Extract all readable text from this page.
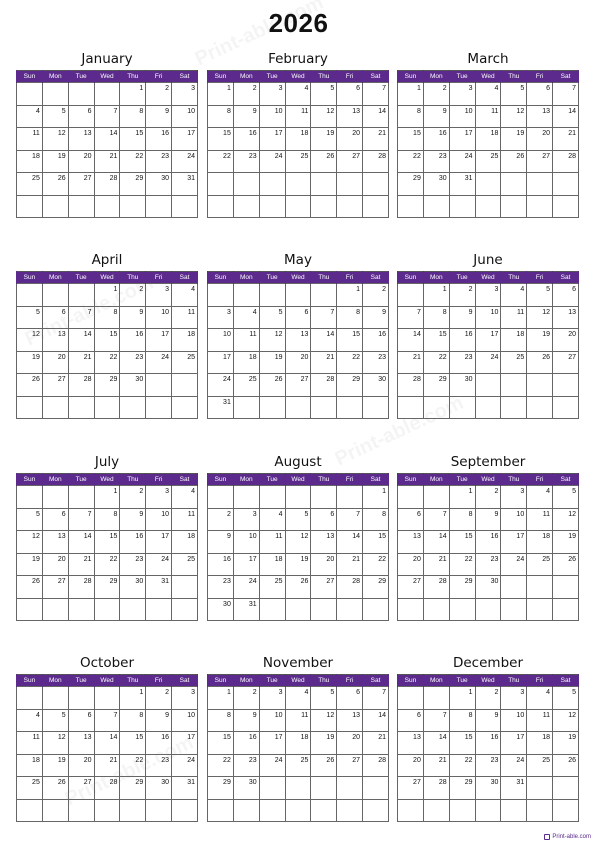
2026
January
Sun	Mon	Tue	Wed	Thu	Fri	Sat
				1	2	3
4	5	6	7	8	9	10
11	12	13	14	15	16	17
18	19	20	21	22	23	24
25	26	27	28	29	30	31

February
Sun	Mon	Tue	Wed	Thu	Fri	Sat
1	2	3	4	5	6	7
8	9	10	11	12	13	14
15	16	17	18	19	20	21
22	23	24	25	26	27	28

March
Sun	Mon	Tue	Wed	Thu	Fri	Sat
1	2	3	4	5	6	7
8	9	10	11	12	13	14
15	16	17	18	19	20	21
22	23	24	25	26	27	28
29	30	31				

April
Sun	Mon	Tue	Wed	Thu	Fri	Sat
			1	2	3	4
5	6	7	8	9	10	11
12	13	14	15	16	17	18
19	20	21	22	23	24	25
26	27	28	29	30		

May
Sun	Mon	Tue	Wed	Thu	Fri	Sat
					1	2
3	4	5	6	7	8	9
10	11	12	13	14	15	16
17	18	19	20	21	22	23
24	25	26	27	28	29	30
31						
June
Sun	Mon	Tue	Wed	Thu	Fri	Sat
	1	2	3	4	5	6
7	8	9	10	11	12	13
14	15	16	17	18	19	20
21	22	23	24	25	26	27
28	29	30				

July
Sun	Mon	Tue	Wed	Thu	Fri	Sat
			1	2	3	4
5	6	7	8	9	10	11
12	13	14	15	16	17	18
19	20	21	22	23	24	25
26	27	28	29	30	31	

August
Sun	Mon	Tue	Wed	Thu	Fri	Sat
						1
2	3	4	5	6	7	8
9	10	11	12	13	14	15
16	17	18	19	20	21	22
23	24	25	26	27	28	29
30	31					
September
Sun	Mon	Tue	Wed	Thu	Fri	Sat
		1	2	3	4	5
6	7	8	9	10	11	12
13	14	15	16	17	18	19
20	21	22	23	24	25	26
27	28	29	30			

October
Sun	Mon	Tue	Wed	Thu	Fri	Sat
				1	2	3
4	5	6	7	8	9	10
11	12	13	14	15	16	17
18	19	20	21	22	23	24
25	26	27	28	29	30	31

November
Sun	Mon	Tue	Wed	Thu	Fri	Sat
1	2	3	4	5	6	7
8	9	10	11	12	13	14
15	16	17	18	19	20	21
22	23	24	25	26	27	28
29	30					

December
Sun	Mon	Tue	Wed	Thu	Fri	Sat
		1	2	3	4	5
6	7	8	9	10	11	12
13	14	15	16	17	18	19
20	21	22	23	24	25	26
27	28	29	30	31		

Print-able.com
